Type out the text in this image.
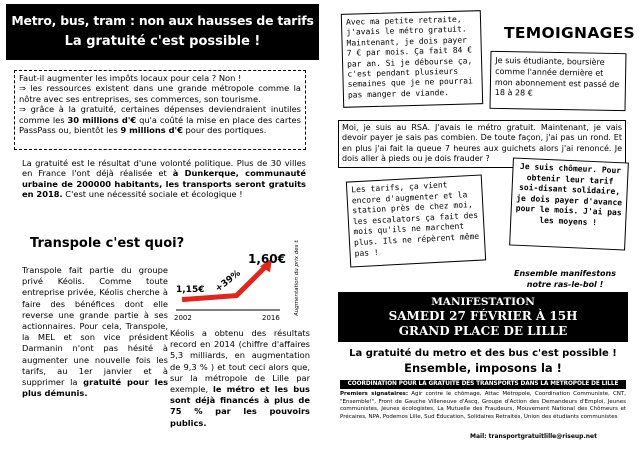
Metro, bus, tram : non aux hausses de tarifs
La gratuité c'est possible !
Faut-il augmenter les impôts locaux pour cela ? Non !
⇒ les ressources existent dans une grande métropole comme la nôtre avec ses entreprises, ses commerces, son tourisme.
⇒ grâce à la gratuité, certaines dépenses deviendraient inutiles comme les 30 millions d'€ qu'a coûté la mise en place des cartes PassPass ou, bientôt les 9 millions d'€ pour des portiques.
La gratuité est le résultat d'une volonté politique. Plus de 30 villes en France l'ont déjà réalisée et à Dunkerque, communauté urbaine de 200000 habitants, les transports seront gratuits en 2018. C'est une nécessité sociale et écologique !
Transpole c'est quoi?
Transpole fait partie du groupe privé Kéolis. Comme toute entreprise privée, Kéolis cherche à faire des bénéfices dont elle reverse une grande partie à ses actionnaires. Pour cela, Transpole, la MEL et son vice président Darmanin n'ont pas hésité à augmenter une nouvelle fois les tarifs, au 1er janvier et à supprimer la gratuité pour les plus démunis.
1,15€
1,60€
+39%
2002	2016
Augmentation du prix des tickets
Kéolis a obtenu des résultats record en 2014 (chiffre d'affaires 5,3 milliards, en augmentation de 9,3 % ) et tout ceci alors que, sur la métropole de Lille par exemple, le métro et les bus sont déjà financés à plus de 75 % par les pouvoirs publics.
Avec ma petite retraite, j'avais le métro gratuit. Maintenant, je dois payer 7 € par mois. Ça fait 84 € par an. Si je débourse ça, c'est pendant plusieurs semaines que je ne pourrai pas manger de viande.
TEMOIGNAGES
Je suis étudiante, boursière comme l'année dernière et mon abonnement est passé de 18 à 28 €
Moi, je suis au RSA. J'avais le métro gratuit. Maintenant, je vais devoir payer je sais pas combien. De toute façon, j'ai pas un rond. Et en plus j'ai fait la queue 7 heures aux guichets alors j'ai renoncé. Je dois aller à pieds ou je dois frauder ?
Les tarifs, ça vient encore d'augmenter et la station près de chez moi, les escalators ça fait des mois qu'ils ne marchent plus. Ils ne répèrent même pas !
Je suis chômeur. Pour obtenir leur tarif soi-disant solidaire, je dois payer d'avance pour le mois. J'ai pas les moyens !
Ensemble manifestons notre ras-le-bol !
MANIFESTATION
SAMEDI 27 FÉVRIER À 15H
GRAND PLACE DE LILLE
La gratuité du metro et des bus c'est possible !
Ensemble, imposons la !
COORDINATION POUR LA GRATUITÉ DES TRANSPORTS DANS LA MÉTROPOLE DE LILLE
Premiers signataires: Agir contre le chômage, Attac Métropole, Coordination Communiste, CNT, "Ensemble!", Front de Gauche Villeneuve d'Ascq, Groupe d'Action des Demandeurs d'Emploi, Jeunes communistes, Jeunes écologistes, La Mutuelle des Fraudeurs, Mouvement National des Chômeurs et Précaires, NPA, Podemos Lille, Sud Education, Solidaires Retraités, Union des étudiants communistes
Mail: transportgratuitlille@riseup.net
